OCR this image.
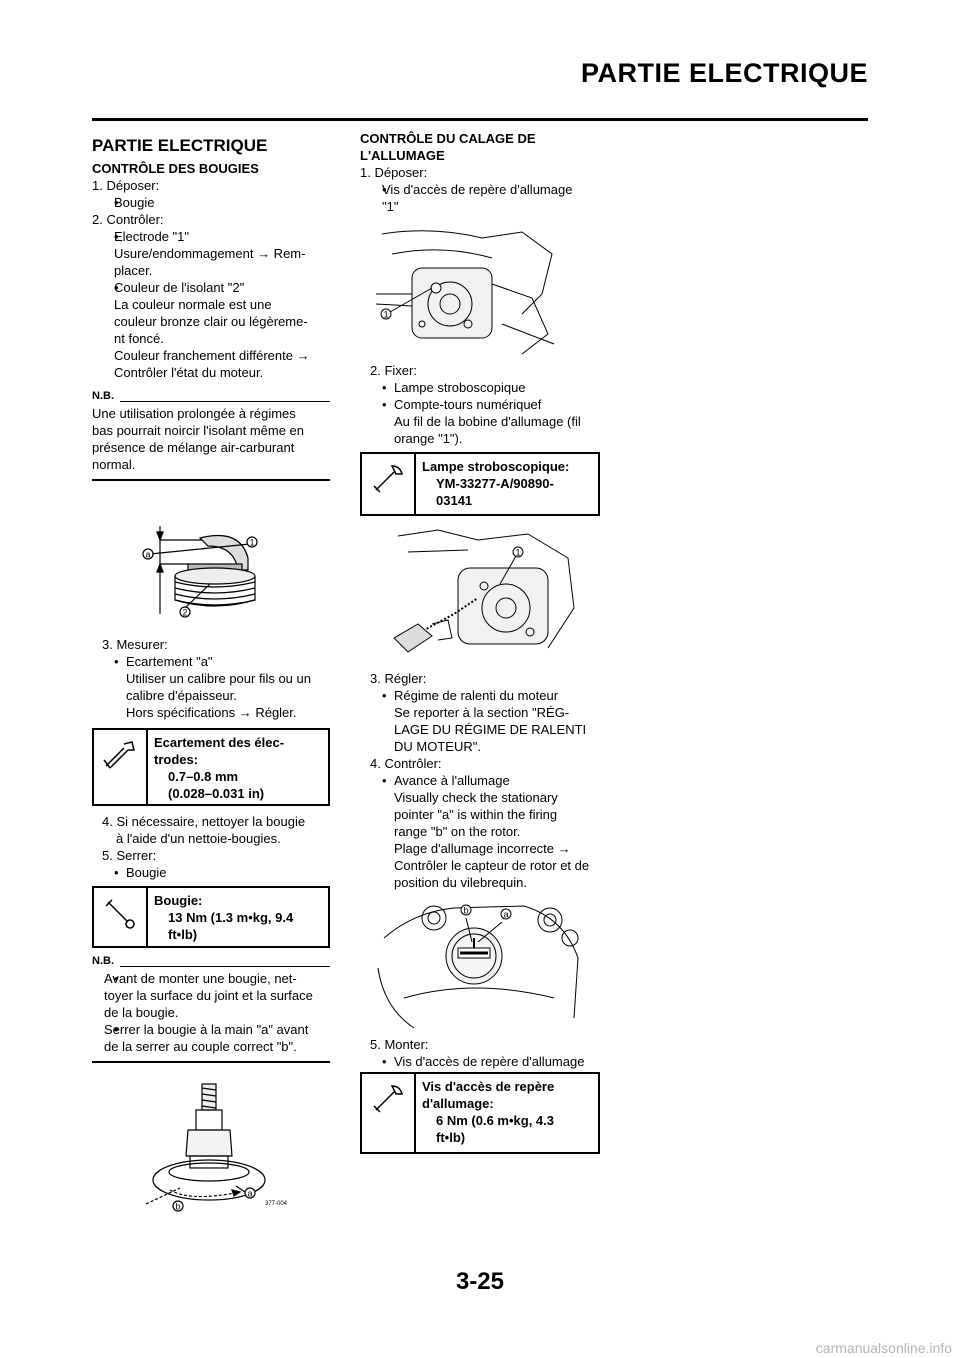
PARTIE ELECTRIQUE
PARTIE ELECTRIQUE
CONTRÔLE DES BOUGIES
1. Déposer:
• Bougie
2. Contrôler:
• Electrode "1"
Usure/endommagement → Rem-
placer.
• Couleur de l'isolant "2"
La couleur normale est une
couleur bronze clair ou légèreme-
nt foncé.
Couleur franchement différente →
Contrôler l'état du moteur.
N.B.
Une utilisation prolongée à régimes
bas pourrait noircir l'isolant même en
présence de mélange air-carburant
normal.
a
1
2
3. Mesurer:
• Ecartement "a"
Utiliser un calibre pour fils ou un
calibre d'épaisseur.
Hors spécifications → Régler.
Ecartement des élec-
trodes:
0.7–0.8 mm
(0.028–0.031 in)
4. Si nécessaire, nettoyer la bougie
à l'aide d'un nettoie-bougies.
5. Serrer:
• Bougie
Bougie:
13 Nm (1.3 m•kg, 9.4
ft•lb)
N.B.
• Avant de monter une bougie, net-
toyer la surface du joint et la surface
de la bougie.
• Serrer la bougie à la main "a" avant
de la serrer au couple correct "b".
a
b	377-004
CONTRÔLE DU CALAGE DE
L'ALLUMAGE
1. Déposer:
• Vis d'accès de repère d'allumage
"1"
1
2. Fixer:
• Lampe stroboscopique
• Compte-tours numériquef
Au fil de la bobine d'allumage (fil
orange "1").
Lampe stroboscopique:
YM-33277-A/90890-
03141
1
3. Régler:
• Régime de ralenti du moteur
Se reporter à la section "RÉG-
LAGE DU RÉGIME DE RALENTI
DU MOTEUR".
4. Contrôler:
• Avance à l'allumage
Visually check the stationary
pointer "a" is within the firing
range "b" on the rotor.
Plage d'allumage incorrecte →
Contrôler le capteur de rotor et de
position du vilebrequin.
b	a
5. Monter:
• Vis d'accès de repère d'allumage
Vis d'accès de repère
d'allumage:
6 Nm (0.6 m•kg, 4.3
ft•lb)
3-25
carmanualsonline.info
